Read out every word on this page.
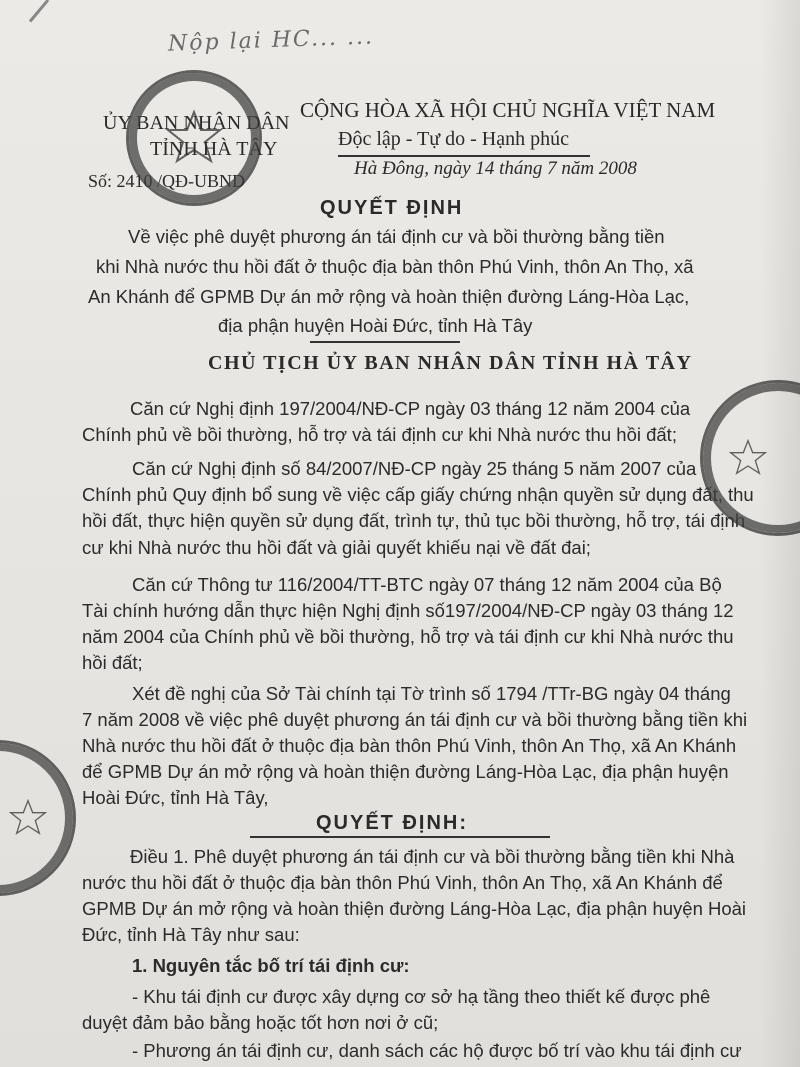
Nộp lại HC... ...
ỦY BAN NHÂN DÂN
TỈNH HÀ TÂY
Số: 2410 /QĐ-UBND
CỘNG HÒA XÃ HỘI CHỦ NGHĨA VIỆT NAM
Độc lập - Tự do - Hạnh phúc
Hà Đông, ngày 14 tháng 7 năm 2008
QUYẾT ĐỊNH
Về việc phê duyệt phương án tái định cư và bồi thường bằng tiền
khi Nhà nước thu hồi đất ở thuộc địa bàn thôn Phú Vinh, thôn An Thọ, xã
An Khánh để GPMB Dự án mở rộng và hoàn thiện đường Láng-Hòa Lạc,
địa phận huyện Hoài Đức, tỉnh Hà Tây
CHỦ TỊCH ỦY BAN NHÂN DÂN TỈNH HÀ TÂY
Căn cứ Nghị định 197/2004/NĐ-CP ngày 03 tháng 12 năm 2004 của
Chính phủ về bồi thường, hỗ trợ và tái định cư khi Nhà nước thu hồi đất;
Căn cứ Nghị định số 84/2007/NĐ-CP ngày 25 tháng 5 năm 2007 của
Chính phủ Quy định bổ sung về việc cấp giấy chứng nhận quyền sử dụng đất, thu
hồi đất, thực hiện quyền sử dụng đất, trình tự, thủ tục bồi thường, hỗ trợ, tái định
cư khi Nhà nước thu hồi đất và giải quyết khiếu nại về đất đai;
Căn cứ Thông tư 116/2004/TT-BTC ngày 07 tháng 12 năm 2004 của Bộ
Tài chính hướng dẫn thực hiện Nghị định số197/2004/NĐ-CP ngày 03 tháng 12
năm 2004 của Chính phủ về bồi thường, hỗ trợ và tái định cư khi Nhà nước thu
hồi đất;
Xét đề nghị của Sở Tài chính tại Tờ trình số 1794 /TTr-BG ngày 04 tháng
7 năm 2008 về việc phê duyệt phương án tái định cư và bồi thường bằng tiền khi
Nhà nước thu hồi đất ở thuộc địa bàn thôn Phú Vinh, thôn An Thọ, xã An Khánh
để GPMB Dự án mở rộng và hoàn thiện đường Láng-Hòa Lạc, địa phận huyện
Hoài Đức, tỉnh Hà Tây,
QUYẾT ĐỊNH:
Điều 1. Phê duyệt phương án tái định cư và bồi thường bằng tiền khi Nhà
nước thu hồi đất ở thuộc địa bàn thôn Phú Vinh, thôn An Thọ, xã An Khánh để
GPMB Dự án mở rộng và hoàn thiện đường Láng-Hòa Lạc, địa phận huyện Hoài
Đức, tỉnh Hà Tây như sau:
1. Nguyên tắc bố trí tái định cư:
- Khu tái định cư được xây dựng cơ sở hạ tầng theo thiết kế được phê
duyệt đảm bảo bằng hoặc tốt hơn nơi ở cũ;
- Phương án tái định cư, danh sách các hộ được bố trí vào khu tái định cư
